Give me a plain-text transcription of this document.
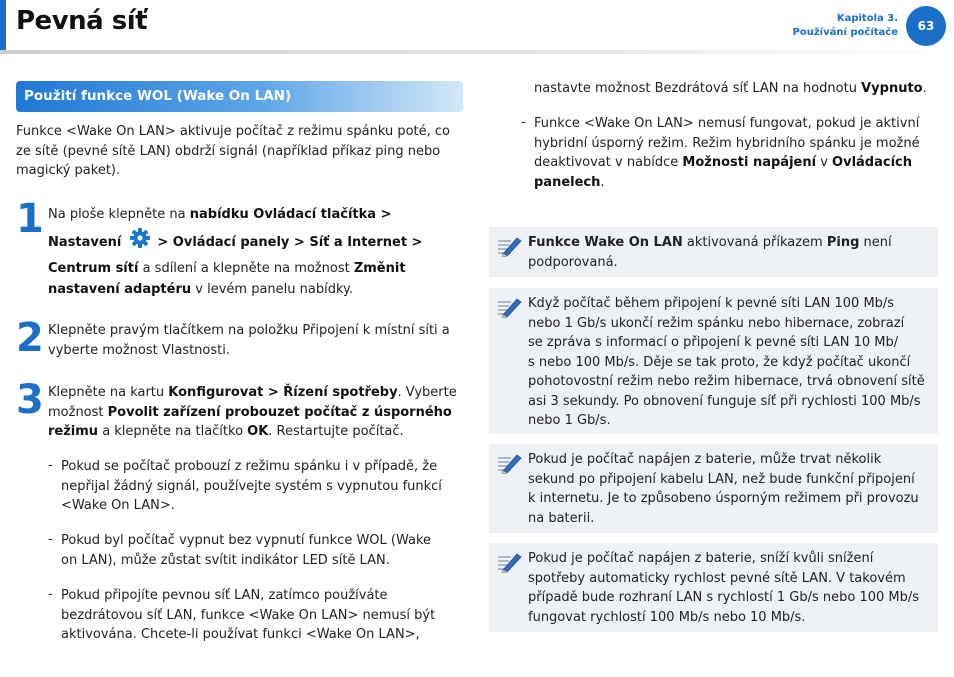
Pevná síť	Kapitola 3.
Používání počítače	63
Použití funkce WOL (Wake On LAN)
Funkce <Wake On LAN> aktivuje počítač z režimu spánku poté, co
ze sítě (pevné sítě LAN) obdrží signál (například příkaz ping nebo
magický paket).
1 Na ploše klepněte na nabídku Ovládací tlačítka >
Nastavení	> Ovládací panely > Síť a Internet >
Centrum sítí a sdílení a klepněte na možnost Změnit
nastavení adaptéru v levém panelu nabídky.
2 Klepněte pravým tlačítkem na položku Připojení k místní síti a
vyberte možnost Vlastnosti.
3 Klepněte na kartu Konfigurovat > Řízení spotřeby. Vyberte
možnost Povolit zařízení probouzet počítač z úsporného
režimu a klepněte na tlačítko OK. Restartujte počítač.
- Pokud se počítač probouzí z režimu spánku i v případě, že
nepřijal žádný signál, používejte systém s vypnutou funkcí
<Wake On LAN>.
- Pokud byl počítač vypnut bez vypnutí funkce WOL (Wake
on LAN), může zůstat svítit indikátor LED sítě LAN.
- Pokud připojíte pevnou síť LAN, zatímco používáte
bezdrátovou síť LAN, funkce <Wake On LAN> nemusí být
aktivována. Chcete-li používat funkci <Wake On LAN>,
nastavte možnost Bezdrátová síť LAN na hodnotu Vypnuto.
- Funkce <Wake On LAN> nemusí fungovat, pokud je aktivní
hybridní úsporný režim. Režim hybridního spánku je možné
deaktivovat v nabídce Možnosti napájení v Ovládacích
panelech.
Funkce Wake On LAN aktivovaná příkazem Ping není
podporovaná.
Když počítač během připojení k pevné síti LAN 100 Mb/s
nebo 1 Gb/s ukončí režim spánku nebo hibernace, zobrazí
se zpráva s informací o připojení k pevné síti LAN 10 Mb/
s nebo 100 Mb/s. Děje se tak proto, že když počítač ukončí
pohotovostní režim nebo režim hibernace, trvá obnovení sítě
asi 3 sekundy. Po obnovení funguje síť při rychlosti 100 Mb/s
nebo 1 Gb/s.
Pokud je počítač napájen z baterie, může trvat několik
sekund po připojení kabelu LAN, než bude funkční připojení
k internetu. Je to způsobeno úsporným režimem při provozu
na baterii.
Pokud je počítač napájen z baterie, sníží kvůli snížení
spotřeby automaticky rychlost pevné sítě LAN. V takovém
případě bude rozhraní LAN s rychlostí 1 Gb/s nebo 100 Mb/s
fungovat rychlostí 100 Mb/s nebo 10 Mb/s.
